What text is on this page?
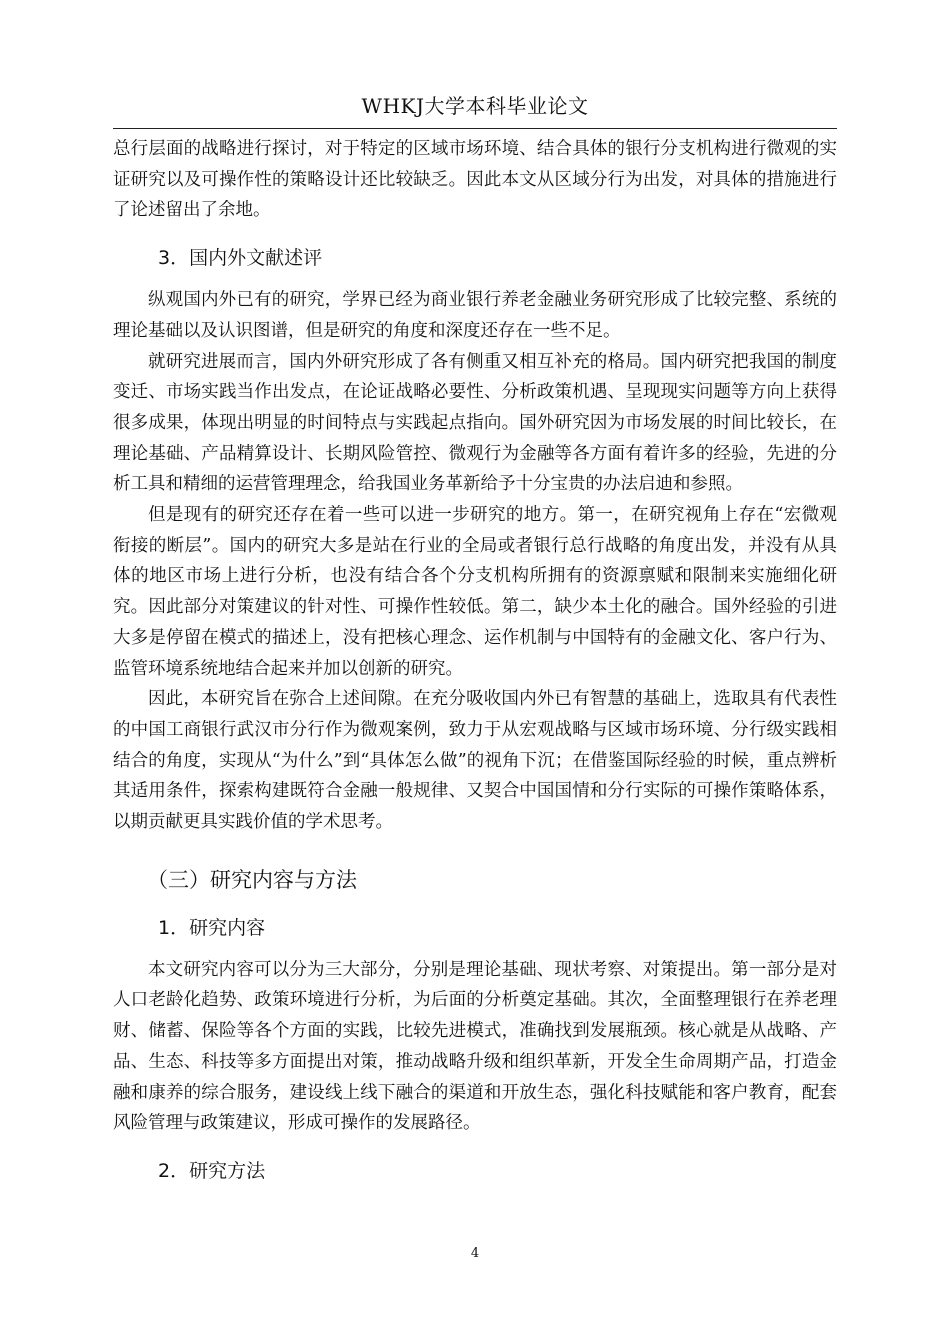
WHKJ大学本科毕业论文

总行层面的战略进行探讨，对于特定的区域市场环境、结合具体的银行分支机构进行微观的实证研究以及可操作性的策略设计还比较缺乏。因此本文从区域分行为出发，对具体的措施进行了论述留出了余地。

3．国内外文献述评

纵观国内外已有的研究，学界已经为商业银行养老金融业务研究形成了比较完整、系统的理论基础以及认识图谱，但是研究的角度和深度还存在一些不足。

就研究进展而言，国内外研究形成了各有侧重又相互补充的格局。国内研究把我国的制度变迁、市场实践当作出发点，在论证战略必要性、分析政策机遇、呈现现实问题等方向上获得很多成果，体现出明显的时间特点与实践起点指向。国外研究因为市场发展的时间比较长，在理论基础、产品精算设计、长期风险管控、微观行为金融等各方面有着许多的经验，先进的分析工具和精细的运营管理理念，给我国业务革新给予十分宝贵的办法启迪和参照。

但是现有的研究还存在着一些可以进一步研究的地方。第一，在研究视角上存在“宏微观衔接的断层”。国内的研究大多是站在行业的全局或者银行总行战略的角度出发，并没有从具体的地区市场上进行分析，也没有结合各个分支机构所拥有的资源禀赋和限制来实施细化研究。因此部分对策建议的针对性、可操作性较低。第二，缺少本土化的融合。国外经验的引进大多是停留在模式的描述上，没有把核心理念、运作机制与中国特有的金融文化、客户行为、监管环境系统地结合起来并加以创新的研究。

因此，本研究旨在弥合上述间隙。在充分吸收国内外已有智慧的基础上，选取具有代表性的中国工商银行武汉市分行作为微观案例，致力于从宏观战略与区域市场环境、分行级实践相结合的角度，实现从“为什么”到“具体怎么做”的视角下沉；在借鉴国际经验的时候，重点辨析其适用条件，探索构建既符合金融一般规律、又契合中国国情和分行实际的可操作策略体系，以期贡献更具实践价值的学术思考。

（三）研究内容与方法
1．研究内容

本文研究内容可以分为三大部分，分别是理论基础、现状考察、对策提出。第一部分是对人口老龄化趋势、政策环境进行分析，为后面的分析奠定基础。其次，全面整理银行在养老理财、储蓄、保险等各个方面的实践，比较先进模式，准确找到发展瓶颈。核心就是从战略、产品、生态、科技等多方面提出对策，推动战略升级和组织革新，开发全生命周期产品，打造金融和康养的综合服务，建设线上线下融合的渠道和开放生态，强化科技赋能和客户教育，配套风险管理与政策建议，形成可操作的发展路径。

2．研究方法
4
